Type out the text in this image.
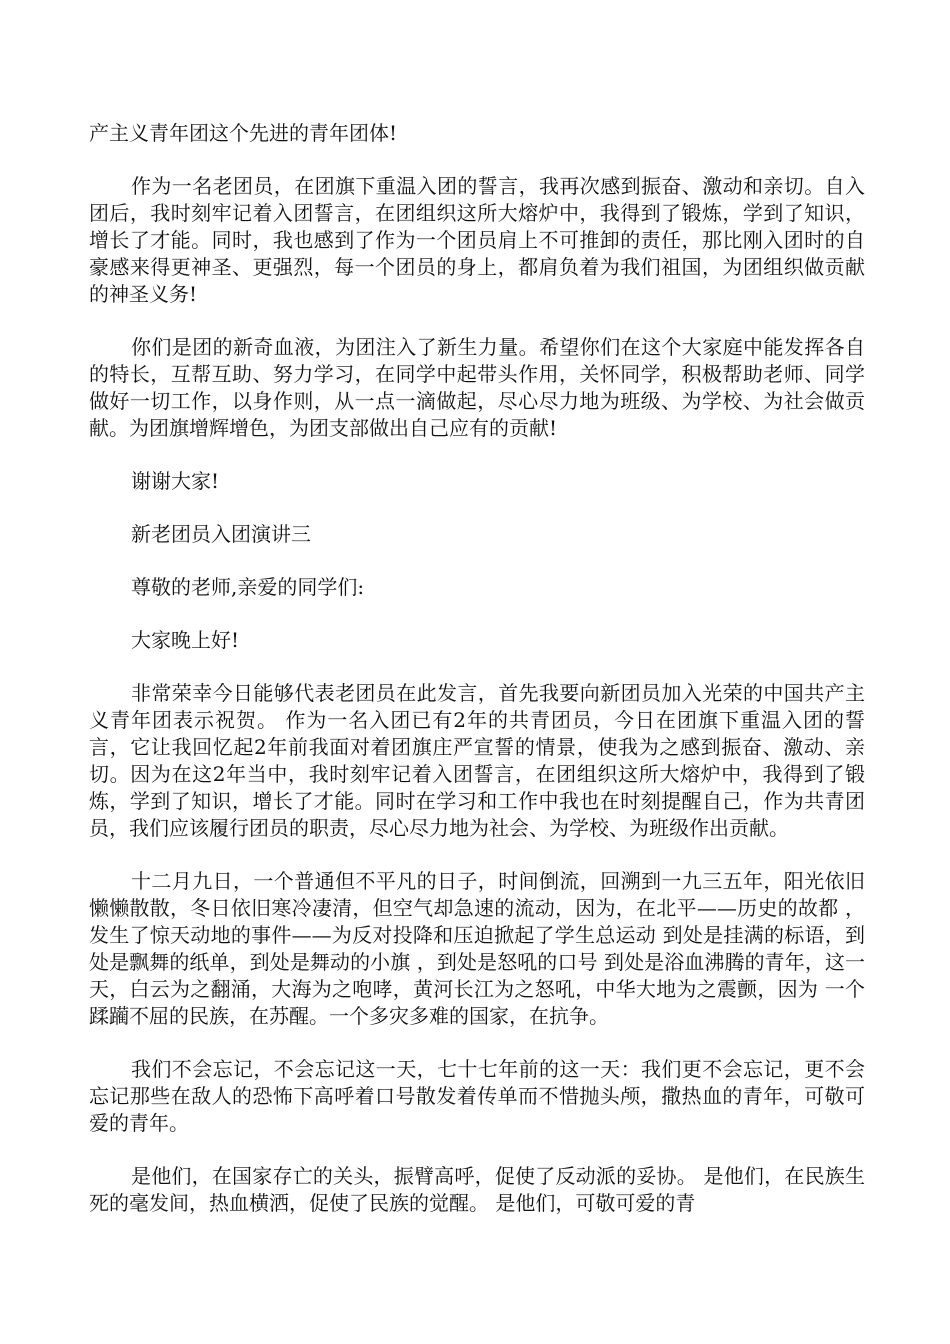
产主义青年团这个先进的青年团体!

作为一名老团员，在团旗下重温入团的誓言，我再次感到振奋、激动和亲切。自入团后，我时刻牢记着入团誓言，在团组织这所大熔炉中，我得到了锻炼，学到了知识，增长了才能。同时，我也感到了作为一个团员肩上不可推卸的责任，那比刚入团时的自豪感来得更神圣、更强烈，每一个团员的身上，都肩负着为我们祖国，为团组织做贡献的神圣义务!

你们是团的新奇血液，为团注入了新生力量。希望你们在这个大家庭中能发挥各自的特长，互帮互助、努力学习，在同学中起带头作用，关怀同学，积极帮助老师、同学做好一切工作，以身作则，从一点一滴做起，尽心尽力地为班级、为学校、为社会做贡献。为团旗增辉增色，为团支部做出自己应有的贡献!

谢谢大家!

新老团员入团演讲三

尊敬的老师,亲爱的同学们:

大家晚上好!

非常荣幸今日能够代表老团员在此发言，首先我要向新团员加入光荣的中国共产主义青年团表示祝贺。 作为一名入团已有2年的共青团员，今日在团旗下重温入团的誓言，它让我回忆起2年前我面对着团旗庄严宣誓的情景，使我为之感到振奋、激动、亲切。因为在这2年当中，我时刻牢记着入团誓言，在团组织这所大熔炉中，我得到了锻炼，学到了知识，增长了才能。同时在学习和工作中我也在时刻提醒自己，作为共青团员，我们应该履行团员的职责，尽心尽力地为社会、为学校、为班级作出贡献。

十二月九日，一个普通但不平凡的日子，时间倒流，回溯到一九三五年，阳光依旧懒懒散散，冬日依旧寒冷凄清，但空气却急速的流动，因为，在北平——历史的故都 ，发生了惊天动地的事件——为反对投降和压迫掀起了学生总运动 到处是挂满的标语，到处是飘舞的纸单，到处是舞动的小旗 ，到处是怒吼的口号 到处是浴血沸腾的青年，这一天，白云为之翻涌，大海为之咆哮，黄河长江为之怒吼，中华大地为之震颤，因为 一个蹂躏不屈的民族，在苏醒。一个多灾多难的国家，在抗争。

我们不会忘记，不会忘记这一天，七十七年前的这一天：我们更不会忘记，更不会忘记那些在敌人的恐怖下高呼着口号散发着传单而不惜抛头颅，撒热血的青年，可敬可爱的青年。

是他们，在国家存亡的关头，振臂高呼，促使了反动派的妥协。 是他们，在民族生死的毫发间，热血横洒，促使了民族的觉醒。 是他们，可敬可爱的青
